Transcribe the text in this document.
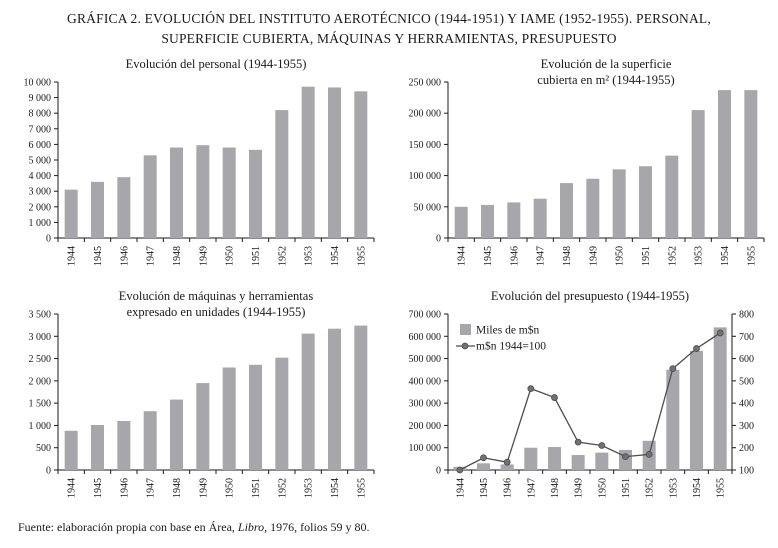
GRÁFICA 2. EVOLUCIÓN DEL INSTITUTO AEROTÉCNICO (1944-1951) Y IAME (1952-1955). PERSONAL,
SUPERFICIE CUBIERTA, MÁQUINAS Y HERRAMIENTAS, PRESUPUESTO
Evolución del personal (1944-1955)
0
1 000
2 000
3 000
4 000
5 000
6 000
7 000
8 000
9 000
10 000
1944 1945 1946 1947 1948 1949 1950 1951 1952 1953 1954 1955
Evolución de la superficie
cubierta en m² (1944-1955)
0
50 000
100 000
150 000
200 000
250 000
1944 1945 1946 1947 1948 1949 1950 1951 1952 1953 1954 1955
Evolución de máquinas y herramientas
expresado en unidades (1944-1955)
0
500
1 000
1 500
2 000
2 500
3 000
3 500
1944 1945 1946 1947 1948 1949 1950 1951 1952 1953 1954 1955
Evolución del presupuesto (1944-1955)
0
100 000
200 000
300 000
400 000
500 000
600 000
700 000
100
200
300
400
500
600
700
800
1944 1945 1946 1947 1948 1949 1950 1951 1952 1953 1954 1955
Miles de m$n
m$n 1944=100
Fuente: elaboración propia con base en Área, Libro, 1976, folios 59 y 80.
